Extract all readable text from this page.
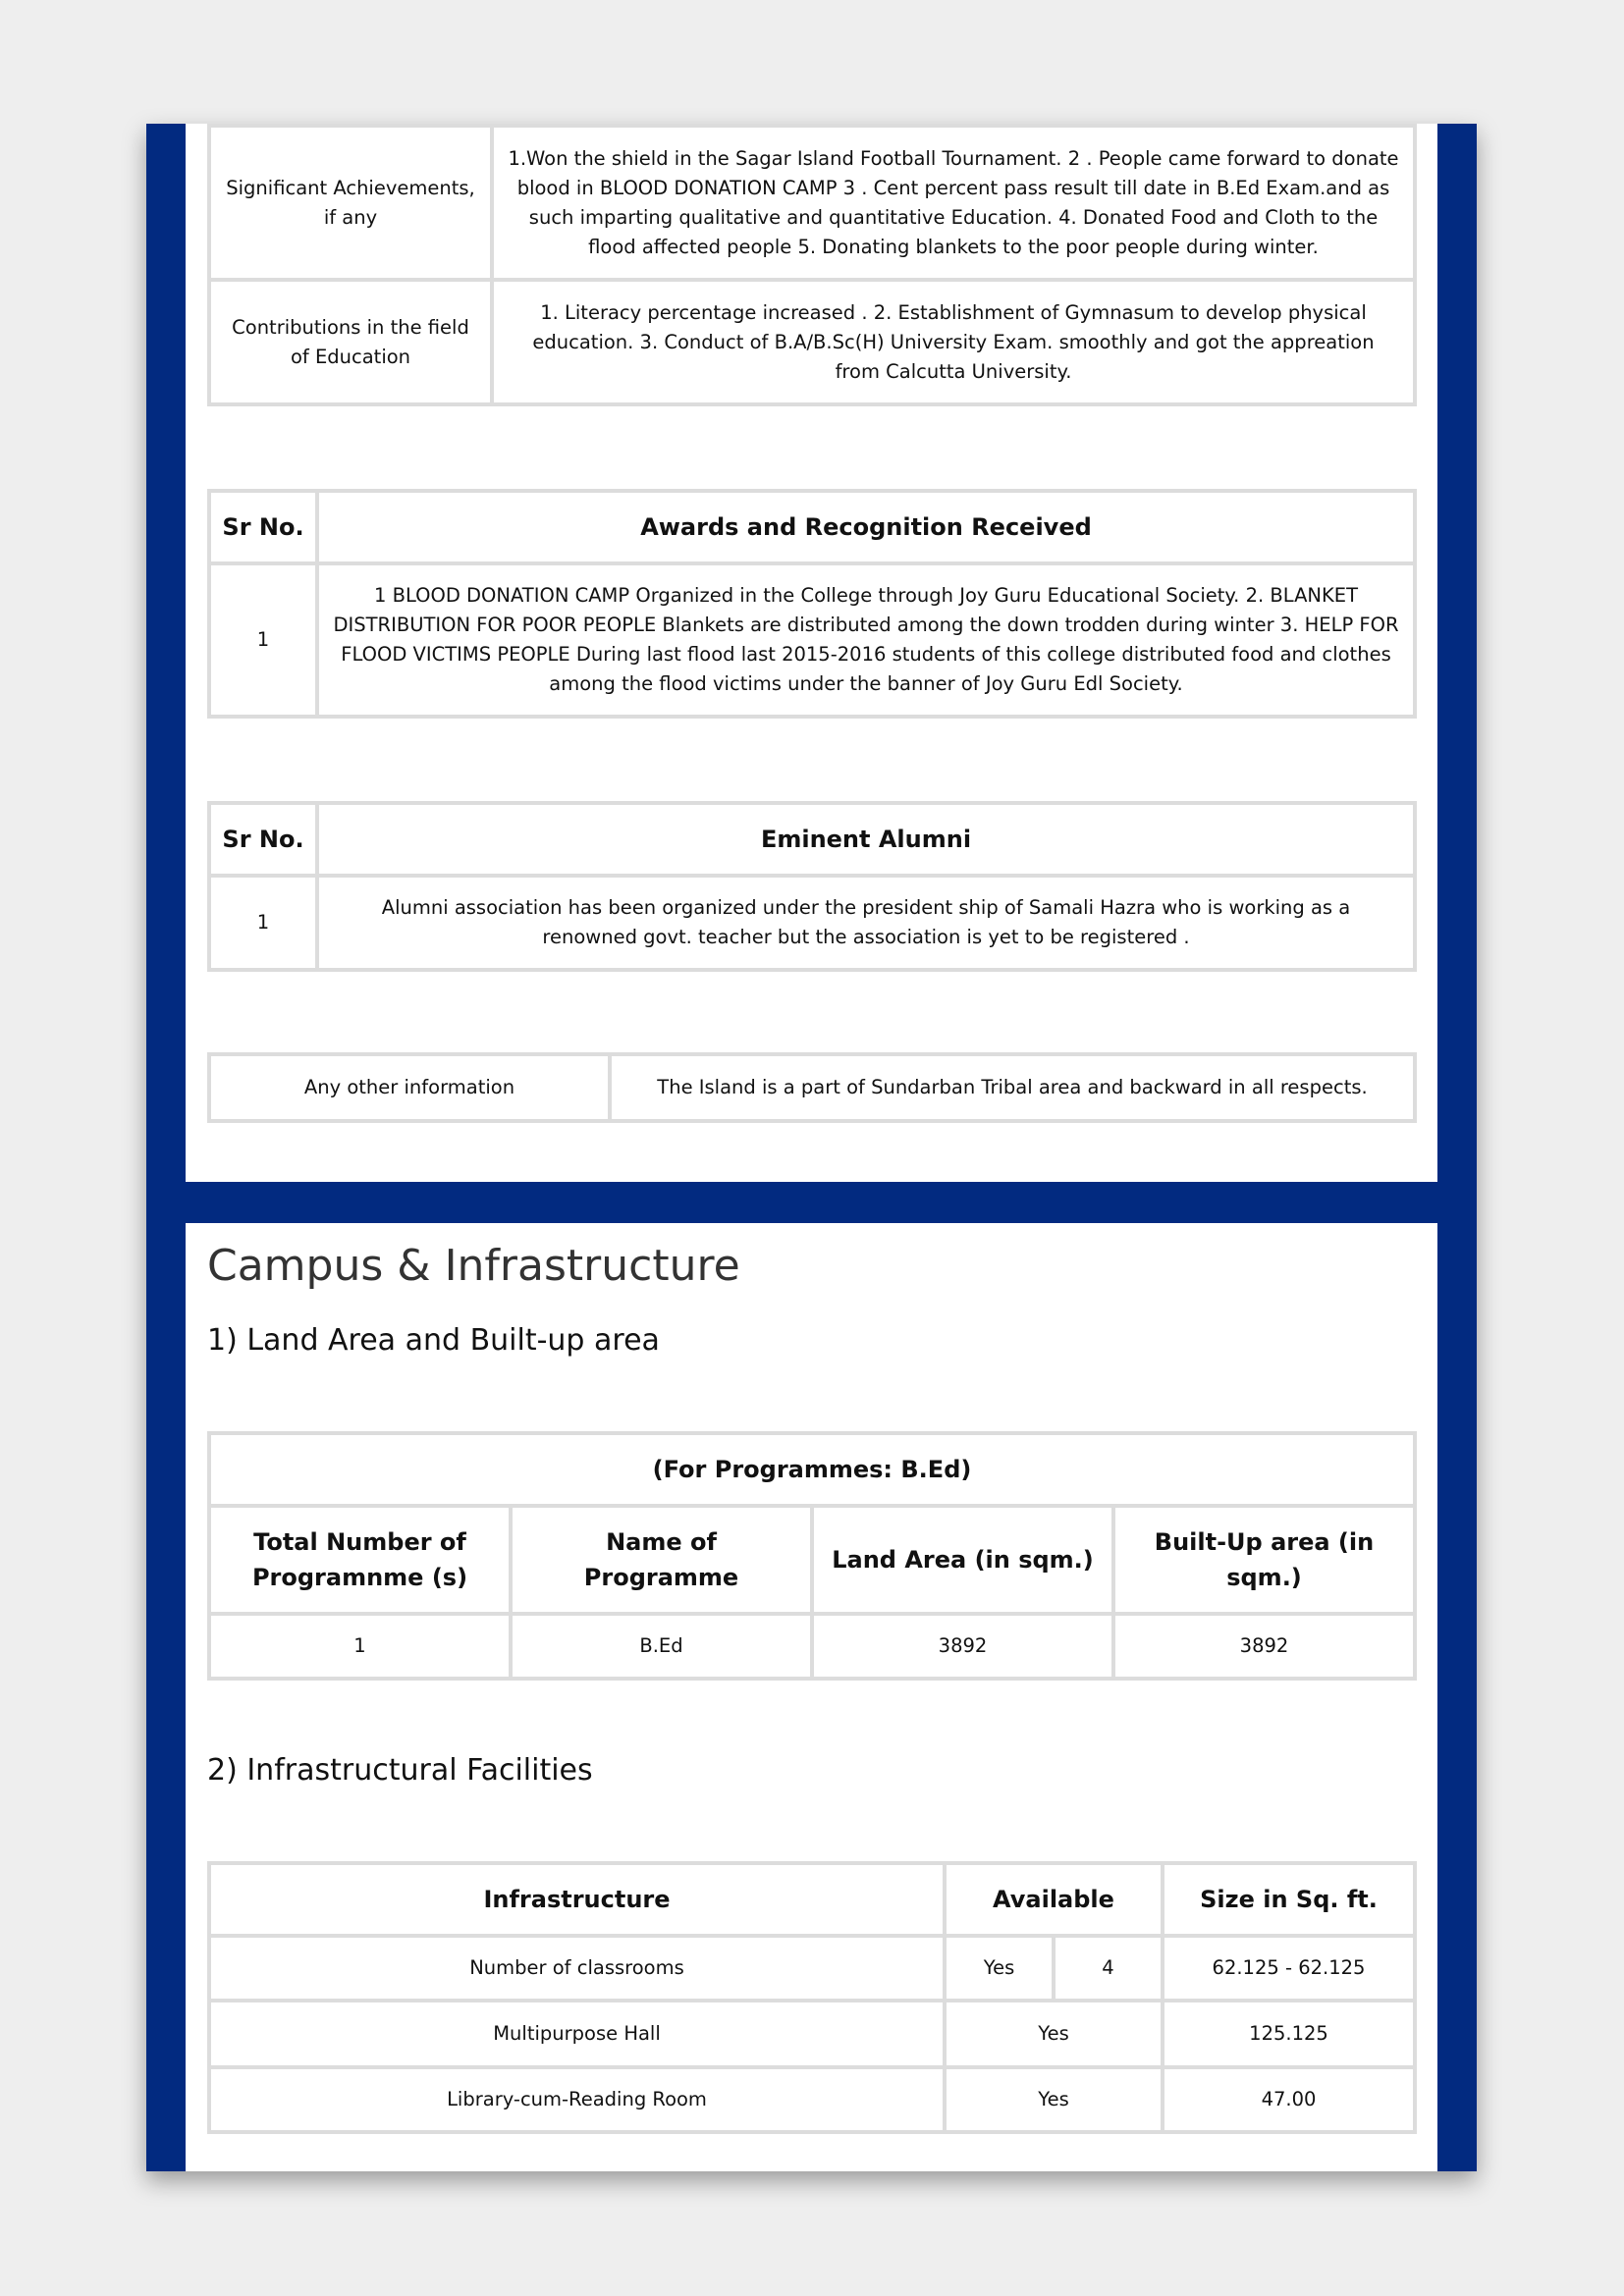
Significant Achievements, if any	1.Won the shield in the Sagar Island Football Tournament. 2 . People came forward to donate blood in BLOOD DONATION CAMP 3 . Cent percent pass result till date in B.Ed Exam.and as such imparting qualitative and quantitative Education. 4. Donated Food and Cloth to the flood affected people 5. Donating blankets to the poor people during winter.
Contributions in the field of Education	1. Literacy percentage increased . 2. Establishment of Gymnasum to develop physical education. 3. Conduct of B.A/B.Sc(H) University Exam. smoothly and got the appreation from Calcutta University.
Sr No.	Awards and Recognition Received
1	1 BLOOD DONATION CAMP Organized in the College through Joy Guru Educational Society. 2. BLANKET DISTRIBUTION FOR POOR PEOPLE Blankets are distributed among the down trodden during winter 3. HELP FOR FLOOD VICTIMS PEOPLE During last flood last 2015-2016 students of this college distributed food and clothes among the flood victims under the banner of Joy Guru Edl Society.
Sr No.	Eminent Alumni
1	Alumni association has been organized under the president ship of Samali Hazra who is working as a renowned govt. teacher but the association is yet to be registered .
Any other information	The Island is a part of Sundarban Tribal area and backward in all respects.
Campus & Infrastructure
1) Land Area and Built-up area
(For Programmes: B.Ed)			
Total Number of Programnme (s)	Name of Programme	Land Area (in sqm.)	Built-Up area (in sqm.)
1	B.Ed	3892	3892
2) Infrastructural Facilities
Infrastructure	Available		Size in Sq. ft.
Number of classrooms	Yes	4	62.125 - 62.125
Multipurpose Hall	Yes		125.125
Library-cum-Reading Room	Yes		47.00
